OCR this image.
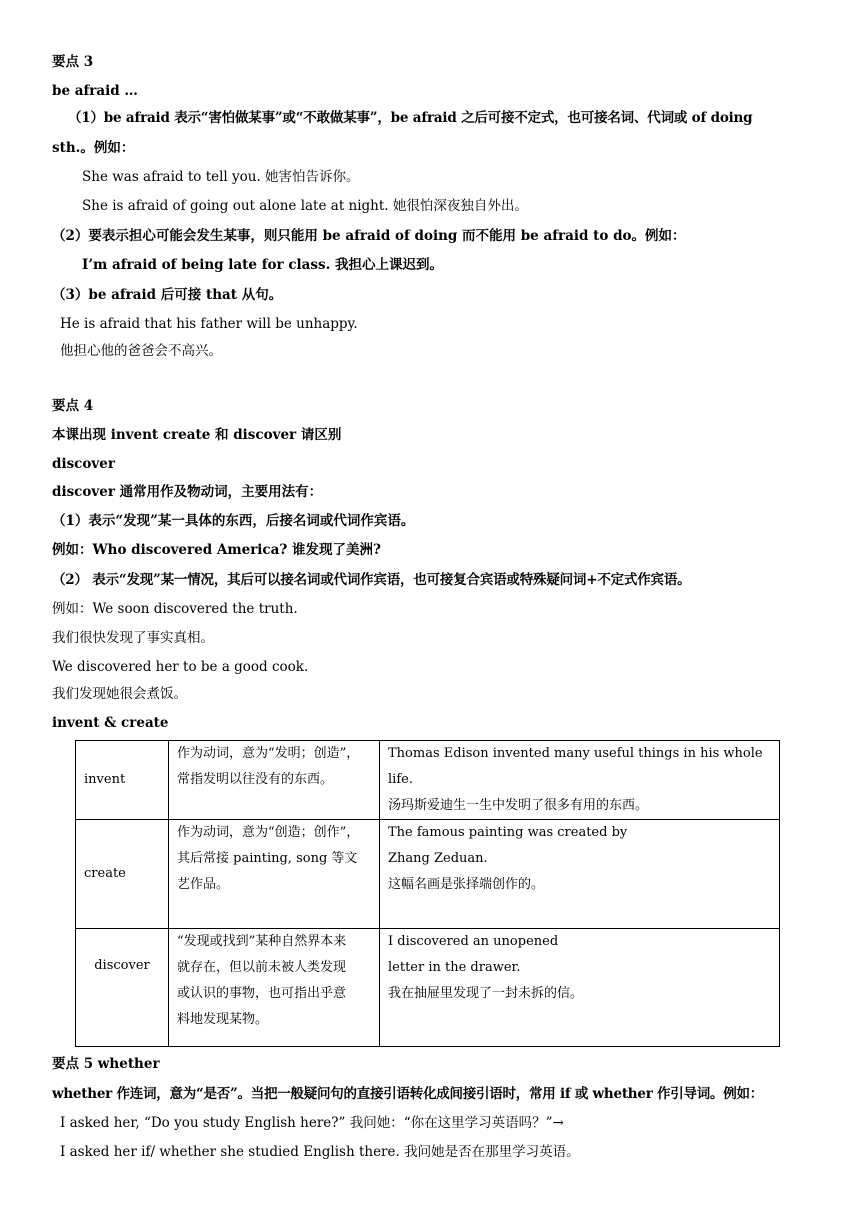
要点 3
be afraid …
（1）be afraid 表示“害怕做某事”或“不敢做某事”，be afraid 之后可接不定式，也可接名词、代词或 of doing
sth.。例如：
She was afraid to tell you. 她害怕告诉你。
She is afraid of going out alone late at night. 她很怕深夜独自外出。
（2）要表示担心可能会发生某事，则只能用 be afraid of doing 而不能用 be afraid to do。例如：
I’m afraid of being late for class. 我担心上课迟到。
（3）be afraid 后可接 that 从句。
He is afraid that his father will be unhappy.
他担心他的爸爸会不高兴。
要点 4
本课出现 invent create 和 discover 请区别
discover
discover 通常用作及物动词，主要用法有：
（1）表示“发现”某一具体的东西，后接名词或代词作宾语。
例如：Who discovered America? 谁发现了美洲?
（2） 表示“发现”某一情况，其后可以接名词或代词作宾语，也可接复合宾语或特殊疑问词+不定式作宾语。
例如：We soon discovered the truth.
我们很快发现了事实真相。
We discovered her to be a good cook.
我们发现她很会煮饭。
invent & create
invent	作为动词，意为“发明；创造”，
常指发明以往没有的东西。	Thomas Edison invented many useful things in his whole life.
汤玛斯爱迪生一生中发明了很多有用的东西。

create	作为动词，意为“创造；创作”，
其后常接 painting, song 等文
艺作品。	The famous painting was created by
Zhang Zeduan.
这幅名画是张择端创作的。

discover	“发现或找到”某种自然界本来
就存在，但以前未被人类发现
或认识的事物，也可指出乎意
料地发现某物。	I discovered an unopened
letter in the drawer.
我在抽屉里发现了一封未拆的信。
要点 5 whether
whether 作连词，意为“是否”。当把一般疑问句的直接引语转化成间接引语时，常用 if 或 whether 作引导词。例如：
I asked her, “Do you study English here?” 我问她：“你在这里学习英语吗？”→
I asked her if/ whether she studied English there. 我问她是否在那里学习英语。
